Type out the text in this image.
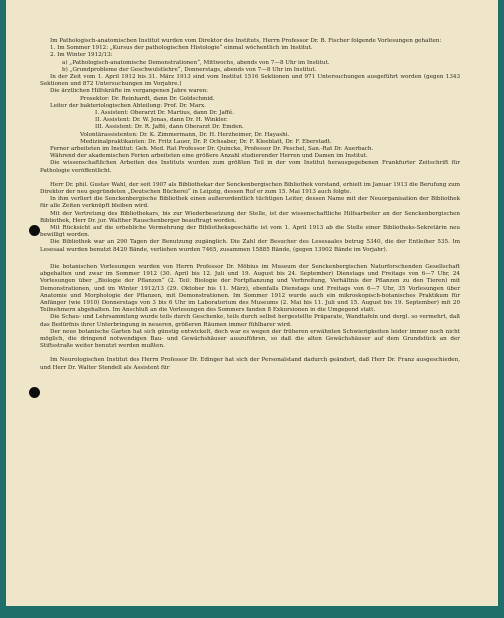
Im Pathologisch-anatomischen Institut wurden vom Direktor des Instituts, Herrn Professor Dr. B. Fischer folgende Vorlesungen gehalten:

1. Im Sommer 1912: „Kursus der pathologischen Histologie“ einmal wöchentlich im Institut.

2. Im Winter 1912/13:

a) „Pathologisch-anatomische Demonstrationen“, Mittwochs, abends von 7—8 Uhr im Institut.

b) „Grundprobleme der Geschwulstlehre“, Donnerstags, abends von 7—8 Uhr im Institut.

In der Zeit vom 1. April 1912 bis 31. März 1913 sind vom Institut 1516 Sektionen und 971 Untersuchungen ausgeführt worden (gegen 1343 Sektionen und 872 Untersuchungen im Vorjahre.)

Die ärztlichen Hilfskräfte im vergangenen Jahre waren:

Prosektor: Dr. Reinhardt, dann Dr. Goldschmid.

Leiter der bakteriologischen Abteilung: Prof. Dr. Marx.

I. Assistent: Oberarzt Dr. Martius, dann Dr. Jaffé.

II. Assistent: Dr. W. Jonas, dann Dr. H. Winkler.

III. Assistent: Dr. R. Jaffé, dann Oberarzt Dr. Emden.

Volontärassistenten: Dr. K. Zimmermann, Dr. H. Herzheimer, Dr. Hayashi.

Medizinalpraktikanten: Dr. Fritz Lauer, Dr. P. Ochsaber, Dr. F. Kleeblatt, Dr. F. Eberstadt.

Ferner arbeiteten im Institut: Geh. Med. Rat Professor Dr. Quincke, Professor Dr. Peschel, San.-Rat Dr. Auerbach.

Während der akademischen Ferien arbeiteten eine größere Anzahl studierender Herren und Damen im Institut.

Die wissenschaftlichen Arbeiten des Instituts wurden zum größten Teil in der vom Institut herausgegebenen Frankfurter Zeitschrift für Pathologie veröffentlicht.

Herr Dr. phil. Gustav Wahl, der seit 1907 als Bibliothekar der Senckenbergischen Bibliothek vorstand, erhielt im Januar 1913 die Berufung zum Direktor der neu gegründeten „Deutschen Bücherei“ in Leipzig, dessen Ruf er zum 15. Mai 1913 auch folgte.

In ihm verliert die Senckenbergische Bibliothek einen außerordentlich tüchtigen Leiter, dessen Name mit der Neuorganisation der Bibliothek für alle Zeiten verknüpft bleiben wird.

Mit der Vertretung des Bibliothekars, bis zur Wiederbesetzung der Stelle, ist der wissenschaftliche Hilfsarbeiter an der Senckenbergischen Bibliothek, Herr Dr. jur. Walther Rauschenberger beauftragt worden.

Mit Rücksicht auf die erhebliche Vermehrung der Bibliotheksgeschäfte ist vom 1. April 1913 ab die Stelle einer Bibliotheks-Sekretärin neu bewilligt worden.

Die Bibliothek war an 290 Tagen der Benutzung zugänglich. Die Zahl der Besucher des Lesesaales betrug 5340, die der Entleiher 535. Im Lesesaal wurden benutzt 8420 Bände, verliehen wurden 7465, zusammen 15885 Bände, (gegen 13902 Bände im Vorjahr).

Die botanischen Vorlesungen wurden von Herrn Professor Dr. Möbius im Museum der Senckenbergischen Naturforschenden Gesellschaft abgehalten und zwar im Sommer 1912 (30. April bis 12. Juli und 19. August bis 24. September) Dienstags und Freitags von 6—7 Uhr, 24 Vorlesungen über „Biologie der Pflanzen“ (2. Teil: Biologie der Fortpflanzung und Verbreitung, Verhältnis der Pflanzen zu den Tieren) mit Demonstrationen, und im Winter 1912/13 (29. Oktober bis 11. März), ebenfalls Dienstags und Freitags von 6—7 Uhr, 35 Vorlesungen über Anatomie und Morphologie der Pflanzen, mit Demonstrationen. Im Sommer 1912 wurde auch ein mikroskopisch-botanisches Praktikum für Anfänger (wie 1910) Donnerstags von 3 bis 6 Uhr im Laboratorium des Museums (2. Mai bis 11. Juli und 15. August bis 19. September) mit 20 Teilnehmern abgehalten. Im Anschluß an die Vorlesungen des Sommers fanden 8 Exkursionen in die Umgegend statt.

Die Schau- und Lehrsammlung wurde teils durch Geschenke, teils durch selbst hergestellte Präparate, Wandtafeln und dergl. so vermehrt, daß das Bedürfnis ihrer Unterbringung in neueren, größeren Räumen immer fühlbarer wird.

Der neue botanische Garten hat sich günstig entwickelt, doch war es wegen der früheren erwähnten Schwierigkeiten leider immer noch nicht möglich, die dringend notwendigen Bau- und Gewächshäuser auszuführen, so daß die alten Gewächshäuser auf dem Grundstück an der Stiftsstraße weiter benutzt werden mußten.

Im Neurologischen Institut des Herrn Professor Dr. Edinger hat sich der Personalstand dadurch geändert, daß Herr Dr. Franz ausgeschieden, und Herr Dr. Walter Stendell als Assistent für
